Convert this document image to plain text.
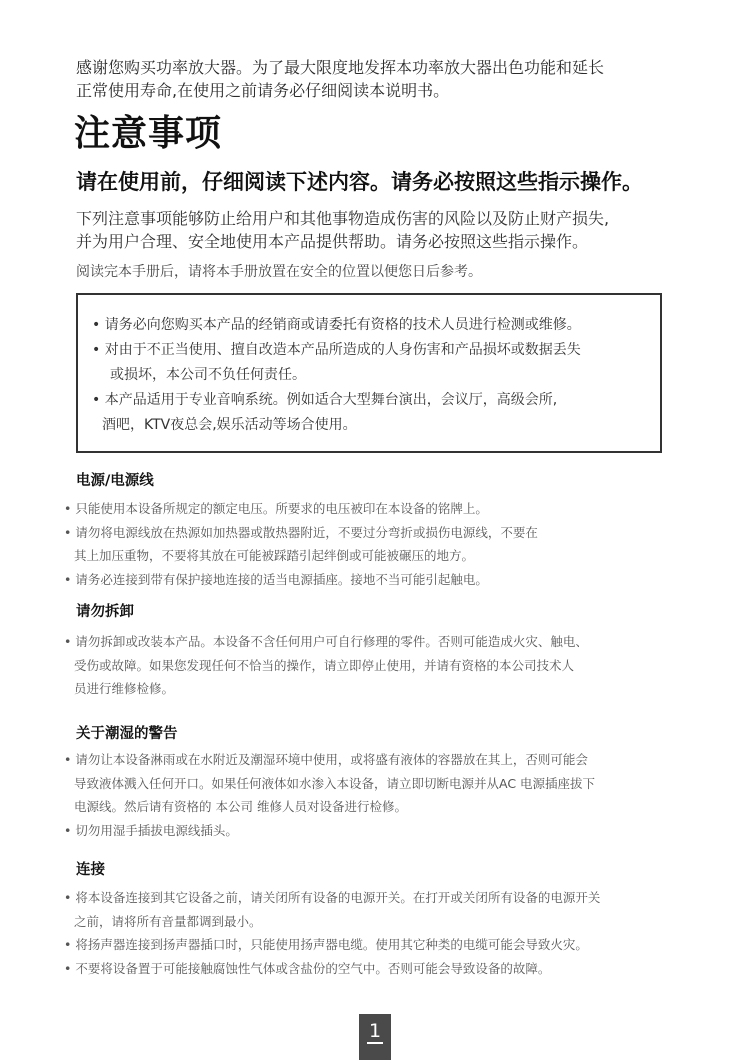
感谢您购买功率放大器。为了最大限度地发挥本功率放大器出色功能和延长
正常使用寿命,在使用之前请务必仔细阅读本说明书。
注意事项
请在使用前，仔细阅读下述内容。请务必按照这些指示操作。
下列注意事项能够防止给用户和其他事物造成伤害的风险以及防止财产损失,
并为用户合理、安全地使用本产品提供帮助。请务必按照这些指示操作。
阅读完本手册后，请将本手册放置在安全的位置以便您日后参考。
• 请务必向您购买本产品的经销商或请委托有资格的技术人员进行检测或维修。
• 对由于不正当使用、擅自改造本产品所造成的人身伤害和产品损坏或数据丢失
或损坏，本公司不负任何责任。
• 本产品适用于专业音响系统。例如适合大型舞台演出，会议厅，高级会所,
酒吧，KTV夜总会,娱乐活动等场合使用。
电源/电源线
• 只能使用本设备所规定的额定电压。所要求的电压被印在本设备的铭牌上。
• 请勿将电源线放在热源如加热器或散热器附近，不要过分弯折或损伤电源线，不要在
其上加压重物，不要将其放在可能被踩踏引起绊倒或可能被碾压的地方。
• 请务必连接到带有保护接地连接的适当电源插座。接地不当可能引起触电。
请勿拆卸
• 请勿拆卸或改装本产品。本设备不含任何用户可自行修理的零件。否则可能造成火灾、触电、
受伤或故障。如果您发现任何不恰当的操作，请立即停止使用，并请有资格的本公司技术人
员进行维修检修。
关于潮湿的警告
• 请勿让本设备淋雨或在水附近及潮湿环境中使用，或将盛有液体的容器放在其上，否则可能会
导致液体溅入任何开口。如果任何液体如水渗入本设备，请立即切断电源并从AC 电源插座拔下
电源线。然后请有资格的 本公司 维修人员对设备进行检修。
• 切勿用湿手插拔电源线插头。
连接
• 将本设备连接到其它设备之前，请关闭所有设备的电源开关。在打开或关闭所有设备的电源开关
之前，请将所有音量都调到最小。
• 将扬声器连接到扬声器插口时，只能使用扬声器电缆。使用其它种类的电缆可能会导致火灾。
• 不要将设备置于可能接触腐蚀性气体或含盐份的空气中。否则可能会导致设备的故障。
1
